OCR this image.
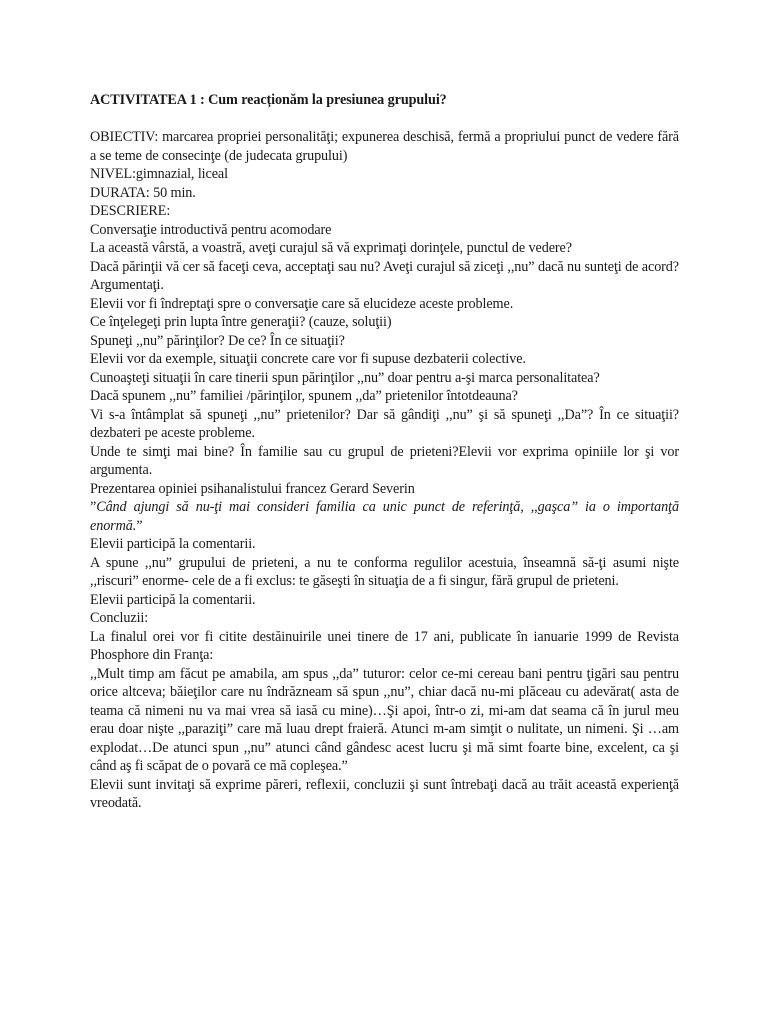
ACTIVITATEA 1 : Cum reacționăm la presiunea grupului?

OBIECTIV: marcarea propriei personalităţi; expunerea deschisă, fermă a propriului punct de vedere fără a se teme de consecinţe (de judecata grupului)

NIVEL:gimnazial, liceal

DURATA: 50 min.

DESCRIERE:

Conversaţie introductivă pentru acomodare

La această vârstă, a voastră, aveţi curajul să vă exprimaţi dorinţele, punctul de vedere?

Dacă părinţii vă cer să faceţi ceva, acceptaţi sau nu? Aveţi curajul să ziceţi ,,nu” dacă nu sunteţi de acord? Argumentaţi.

Elevii vor fi îndreptaţi spre o conversaţie care să elucideze aceste probleme.

Ce înţelegeţi prin lupta între generaţii? (cauze, soluţii)

Spuneţi ,,nu” părinţilor? De ce? În ce situaţii?

Elevii vor da exemple, situaţii concrete care vor fi supuse dezbaterii colective.

Cunoaşteţi situaţii în care tinerii spun părinţilor ,,nu” doar pentru a-şi marca personalitatea?

Dacă spunem ,,nu” familiei /părinţilor, spunem ,,da” prietenilor întotdeauna?

Vi s-a întâmplat să spuneţi ,,nu” prietenilor? Dar să gândiţi ,,nu” şi să spuneţi ,,Da”? În ce situaţii? dezbateri pe aceste probleme.

Unde te simţi mai bine? În familie sau cu grupul de prieteni?Elevii vor exprima opiniile lor şi vor argumenta.

Prezentarea opiniei psihanalistului francez Gerard Severin

”Când ajungi să nu-ţi mai consideri familia ca unic punct de referinţă, ,,gaşca” ia o importanţă enormă.”

Elevii participă la comentarii.

A spune ,,nu” grupului de prieteni, a nu te conforma regulilor acestuia, înseamnă să-ţi asumi nişte ,,riscuri” enorme- cele de a fi exclus: te găseşti în situaţia de a fi singur, fără grupul de prieteni.

Elevii participă la comentarii.

Concluzii:

La finalul orei vor fi citite destăinuirile unei tinere de 17 ani, publicate în ianuarie 1999 de Revista Phosphore din Franţa:

,,Mult timp am făcut pe amabila, am spus ,,da” tuturor: celor ce-mi cereau bani pentru ţigări sau pentru orice altceva; băieţilor care nu îndrăzneam să spun ,,nu”, chiar dacă nu-mi plăceau cu adevărat( asta de teama că nimeni nu va mai vrea să iasă cu mine)…Şi apoi, într-o zi, mi-am dat seama că în jurul meu erau doar nişte ,,paraziţi” care mă luau drept fraieră. Atunci m-am simţit o nulitate, un nimeni. Şi …am explodat…De atunci spun ,,nu” atunci când gândesc acest lucru şi mă simt foarte bine, excelent, ca şi când aş fi scăpat de o povară ce mă copleşea.”

Elevii sunt invitaţi să exprime păreri, reflexii, concluzii şi sunt întrebaţi dacă au trăit această experienţă vreodată.
